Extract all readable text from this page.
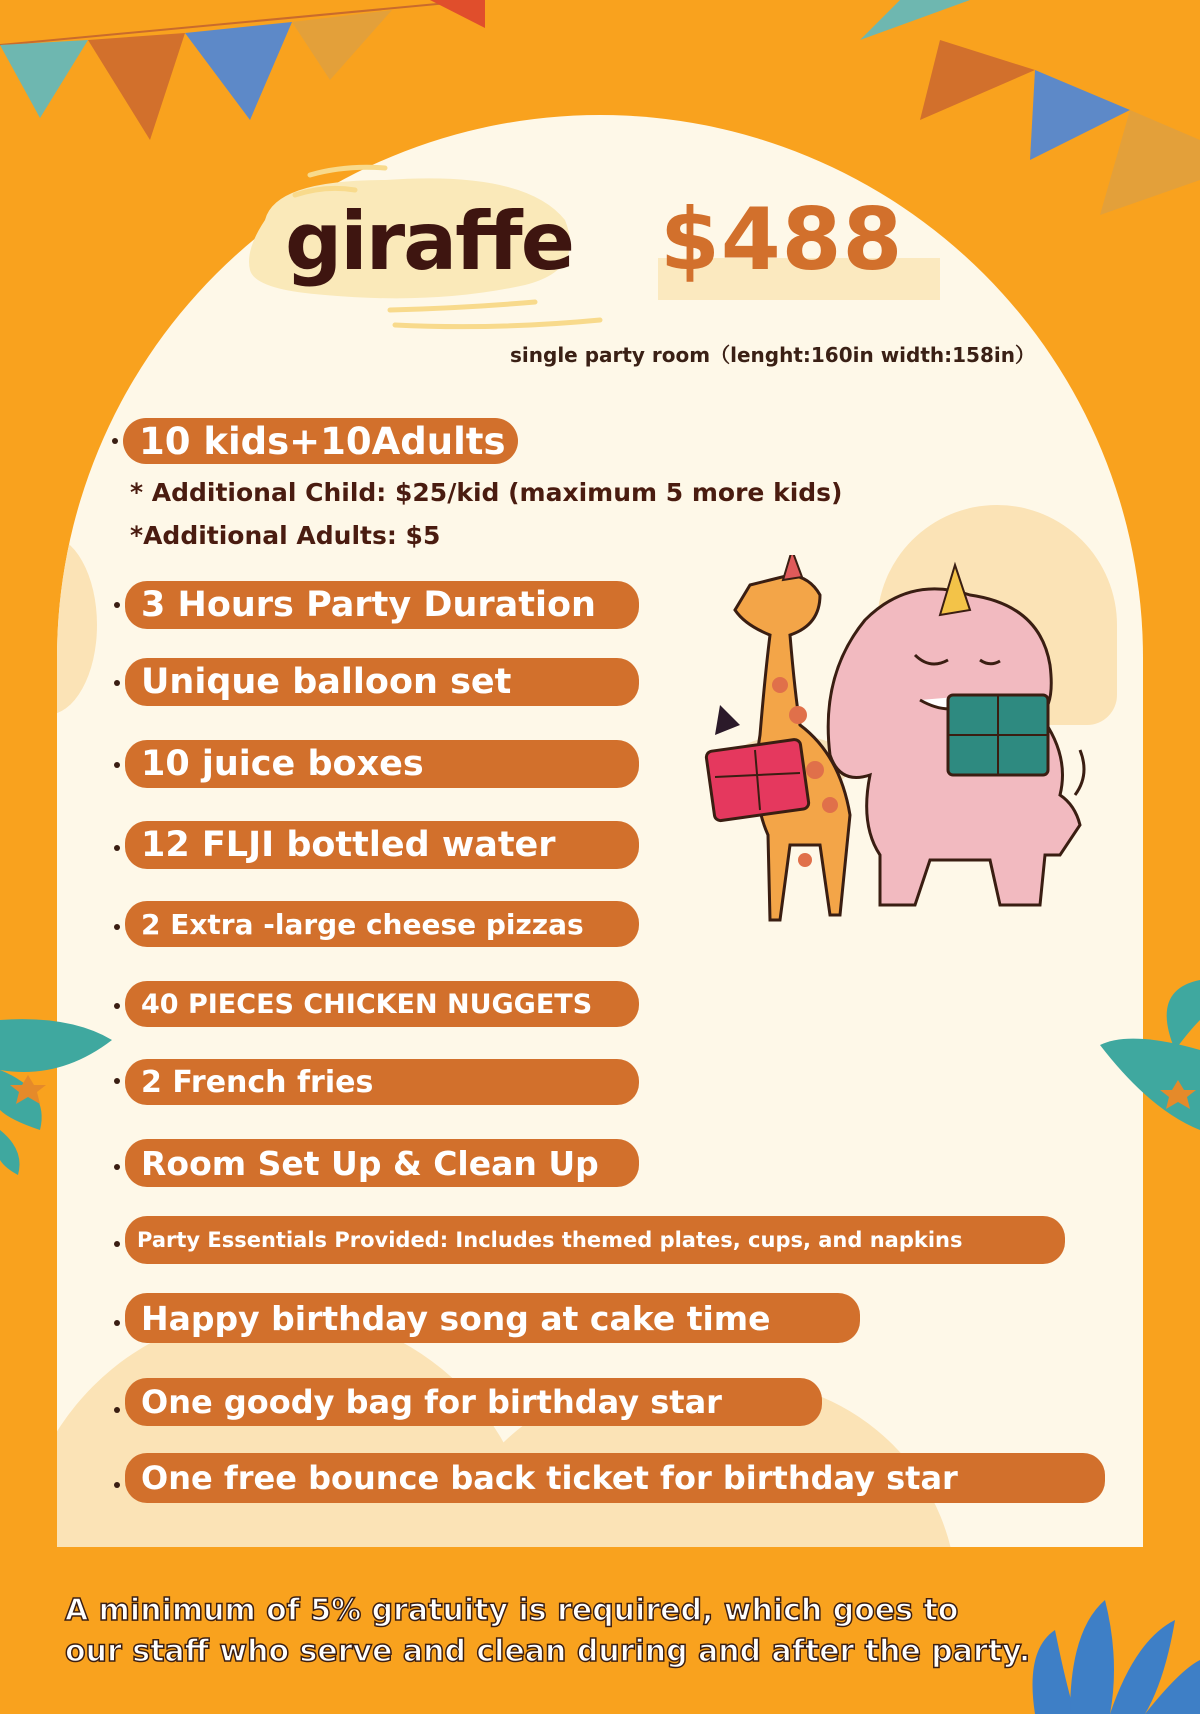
giraffe $488
single party room（lenght:160in width:158in）
10 kids+10Adults
* Additional Child: $25/kid (maximum 5 more kids)
*Additional Adults: $5
3 Hours Party Duration
Unique balloon set
10 juice boxes
12 FLJI bottled water
2 Extra -large cheese pizzas
40 PIECES CHICKEN NUGGETS
2 French fries
Room Set Up & Clean Up
Party Essentials Provided: Includes themed plates, cups, and napkins
Happy birthday song at cake time
One goody bag for birthday star
One free bounce back ticket for birthday star
A minimum of 5% gratuity is required, which goes to
our staff who serve and clean during and after the party.
